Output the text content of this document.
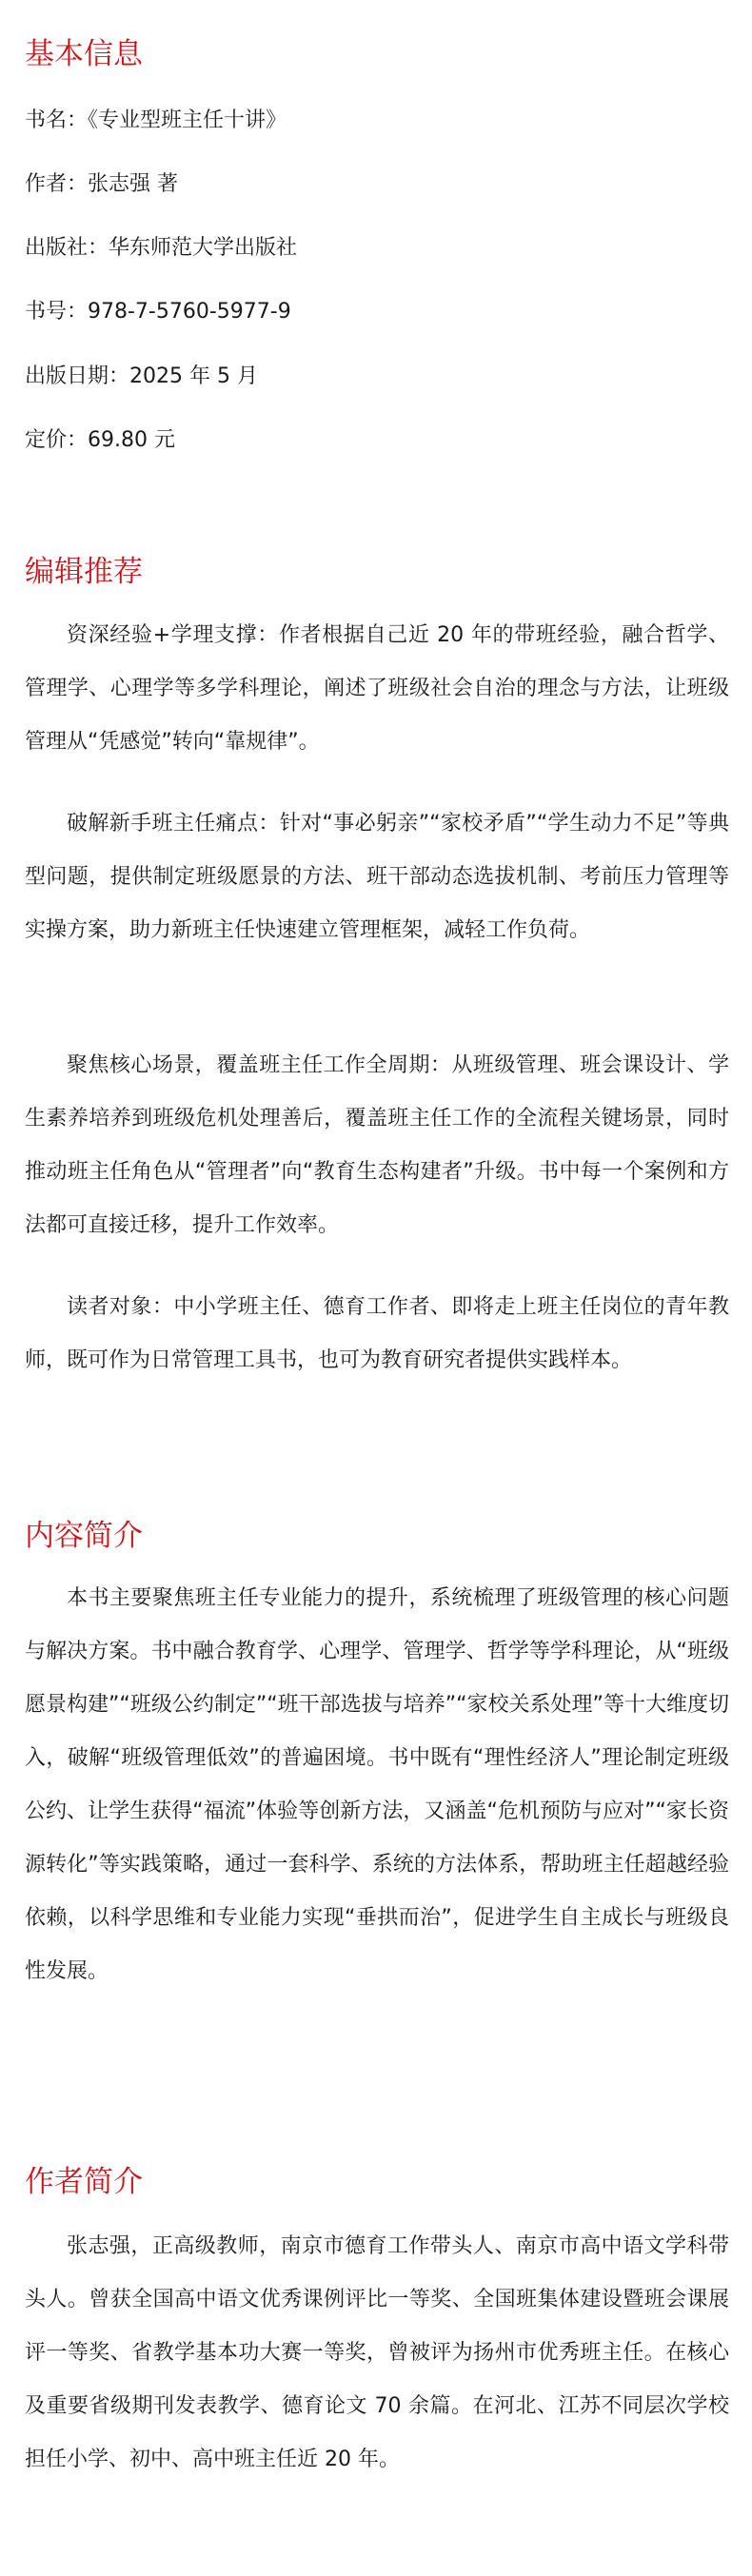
基本信息

书名：《专业型班主任十讲》

作者：张志强 著

出版社：华东师范大学出版社

书号：978-7-5760-5977-9

出版日期：2025 年 5 月

定价：69.80 元

编辑推荐

资深经验+学理支撑：作者根据自己近 20 年的带班经验，融合哲学、管理学、心理学等多学科理论，阐述了班级社会自治的理念与方法，让班级管理从“凭感觉”转向“靠规律”。

破解新手班主任痛点：针对“事必躬亲”“家校矛盾”“学生动力不足”等典型问题，提供制定班级愿景的方法、班干部动态选拔机制、考前压力管理等实操方案，助力新班主任快速建立管理框架，减轻工作负荷。

聚焦核心场景，覆盖班主任工作全周期：从班级管理、班会课设计、学生素养培养到班级危机处理善后，覆盖班主任工作的全流程关键场景，同时推动班主任角色从“管理者”向“教育生态构建者”升级。书中每一个案例和方法都可直接迁移，提升工作效率。

读者对象：中小学班主任、德育工作者、即将走上班主任岗位的青年教师，既可作为日常管理工具书，也可为教育研究者提供实践样本。

内容简介

本书主要聚焦班主任专业能力的提升，系统梳理了班级管理的核心问题与解决方案。书中融合教育学、心理学、管理学、哲学等学科理论，从“班级愿景构建”“班级公约制定”“班干部选拔与培养”“家校关系处理”等十大维度切入，破解“班级管理低效”的普遍困境。书中既有“理性经济人”理论制定班级公约、让学生获得“福流”体验等创新方法，又涵盖“危机预防与应对”“家长资源转化”等实践策略，通过一套科学、系统的方法体系，帮助班主任超越经验依赖，以科学思维和专业能力实现“垂拱而治”，促进学生自主成长与班级良性发展。

作者简介

张志强，正高级教师，南京市德育工作带头人、南京市高中语文学科带头人。曾获全国高中语文优秀课例评比一等奖、全国班集体建设暨班会课展评一等奖、省教学基本功大赛一等奖，曾被评为扬州市优秀班主任。在核心及重要省级期刊发表教学、德育论文 70 余篇。在河北、江苏不同层次学校担任小学、初中、高中班主任近 20 年。
